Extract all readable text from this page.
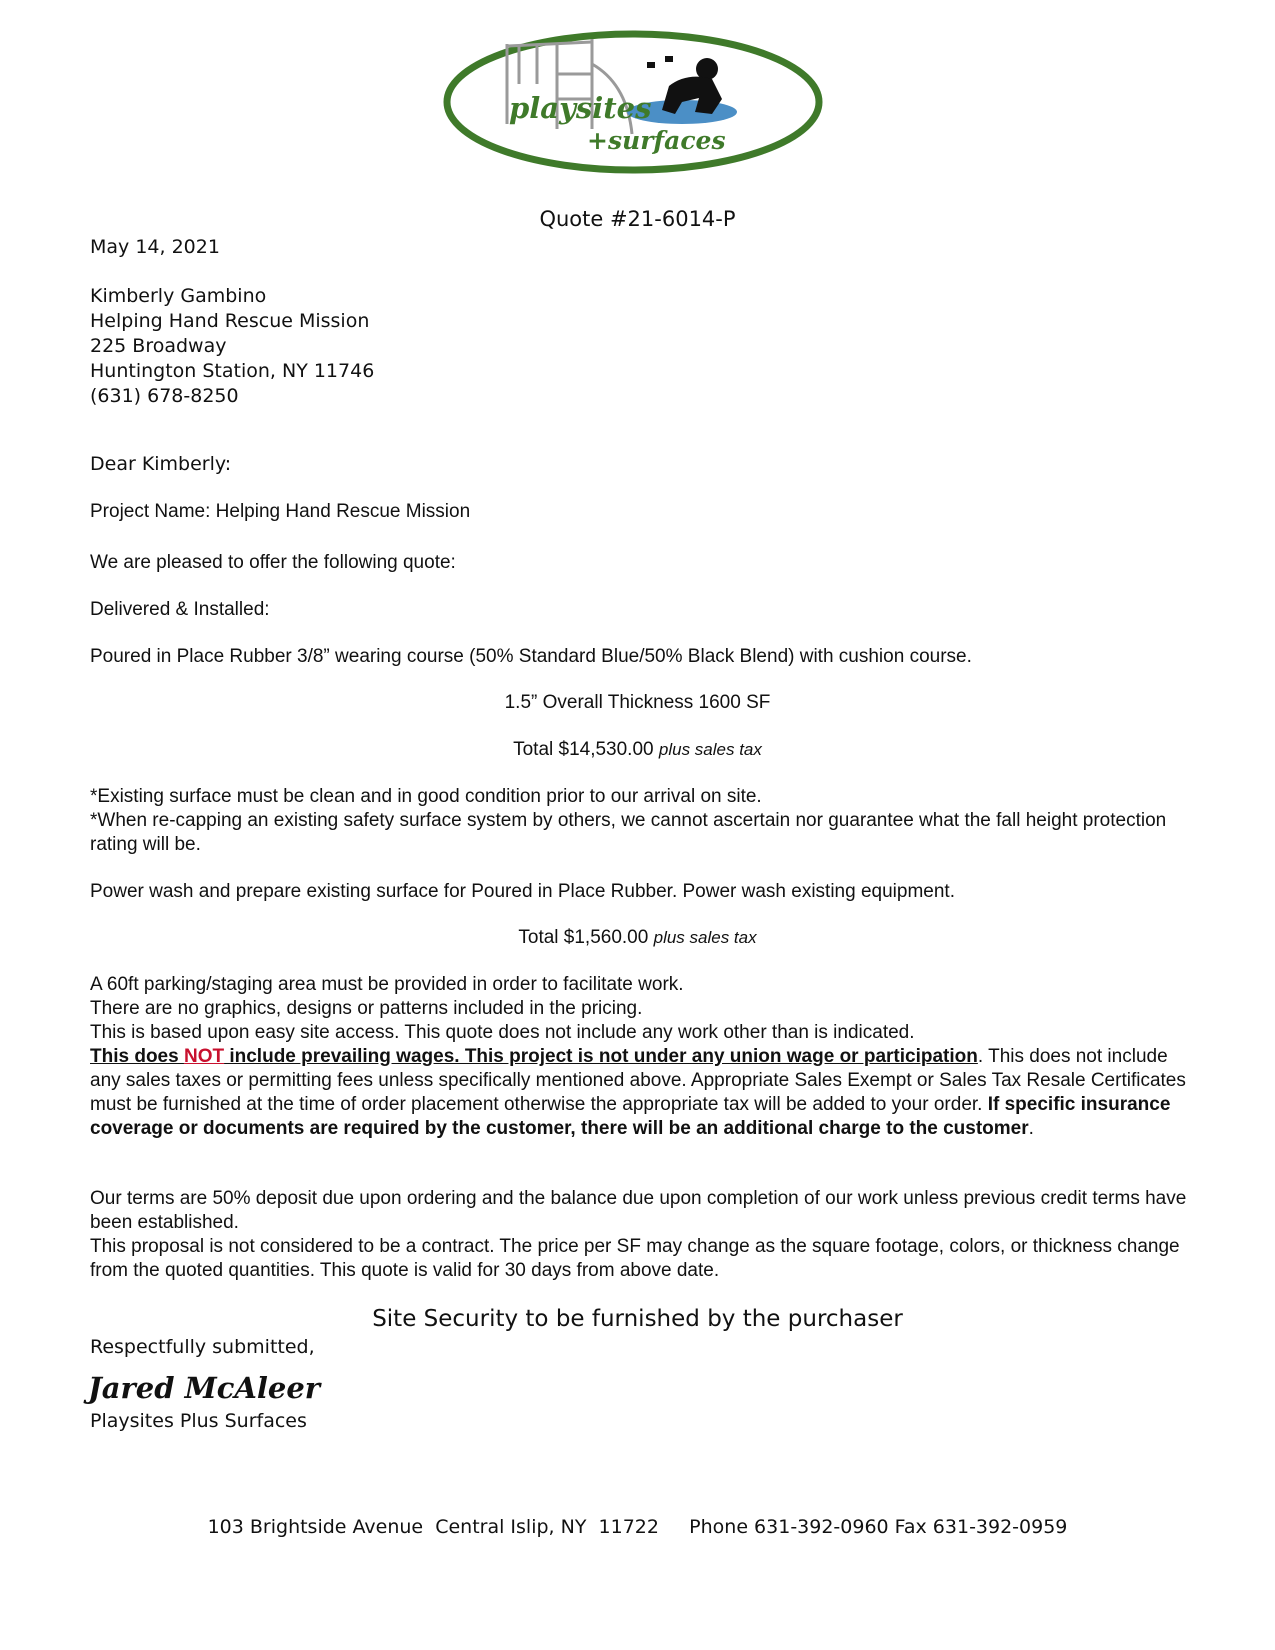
playsites
+surfaces
Quote #21-6014-P
May 14, 2021
Kimberly Gambino
Helping Hand Rescue Mission
225 Broadway
Huntington Station, NY 11746
(631) 678-8250
Dear Kimberly:
Project Name: Helping Hand Rescue Mission
We are pleased to offer the following quote:
Delivered & Installed:
Poured in Place Rubber 3/8” wearing course (50% Standard Blue/50% Black Blend) with cushion course.
1.5” Overall Thickness 1600 SF
Total $14,530.00 plus sales tax
*Existing surface must be clean and in good condition prior to our arrival on site.
*When re-capping an existing safety surface system by others, we cannot ascertain nor guarantee what the fall height protection rating will be.
Power wash and prepare existing surface for Poured in Place Rubber. Power wash existing equipment.
Total $1,560.00 plus sales tax
A 60ft parking/staging area must be provided in order to facilitate work.
There are no graphics, designs or patterns included in the pricing.
This is based upon easy site access. This quote does not include any work other than is indicated.
This does NOT include prevailing wages. This project is not under any union wage or participation. This does not include any sales taxes or permitting fees unless specifically mentioned above. Appropriate Sales Exempt or Sales Tax Resale Certificates must be furnished at the time of order placement otherwise the appropriate tax will be added to your order. If specific insurance coverage or documents are required by the customer, there will be an additional charge to the customer.
Our terms are 50% deposit due upon ordering and the balance due upon completion of our work unless previous credit terms have been established.
This proposal is not considered to be a contract. The price per SF may change as the square footage, colors, or thickness change from the quoted quantities. This quote is valid for 30 days from above date.
Site Security to be furnished by the purchaser
Respectfully submitted,
Jared McAleer
Playsites Plus Surfaces
103 Brightside Avenue  Central Islip, NY  11722     Phone 631-392-0960 Fax 631-392-0959
